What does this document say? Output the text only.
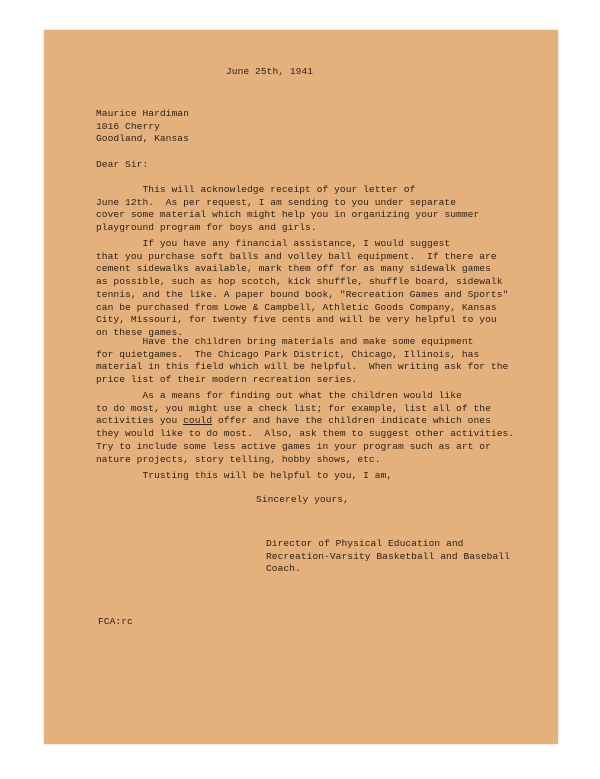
June 25th, 1941
Maurice Hardiman
1016 Cherry
Goodland, Kansas
Dear Sir:
This will acknowledge receipt of your letter of
June 12th.  As per request, I am sending to you under separate
cover some material which might help you in organizing your summer
playground program for boys and girls.
If you have any financial assistance, I would suggest
that you purchase soft balls and volley ball equipment.  If there are
cement sidewalks available, mark them off for as many sidewalk games
as possible, such as hop scotch, kick shuffle, shuffle board, sidewalk
tennis, and the like. A paper bound book, "Recreation Games and Sports"
can be purchased from Lowe & Campbell, Athletic Goods Company, Kansas
City, Missouri, for twenty five cents and will be very helpful to you
on these games.
Have the children bring materials and make some equipment
for quietgames.  The Chicago Park District, Chicago, Illinois, has
material in this field which will be helpful.  When writing ask for the
price list of their modern recreation series.
As a means for finding out what the children would like
to do most, you might use a check list; for example, list all of the
activities you could offer and have the children indicate which ones
they would like to do most.  Also, ask them to suggest other activities.
Try to include some less active games in your program such as art or
nature projects, story telling, hobby shows, etc.
Trusting this will be helpful to you, I am,
Sincerely yours,
Director of Physical Education and
Recreation-Varsity Basketball and Baseball
Coach.
FCA:rc
